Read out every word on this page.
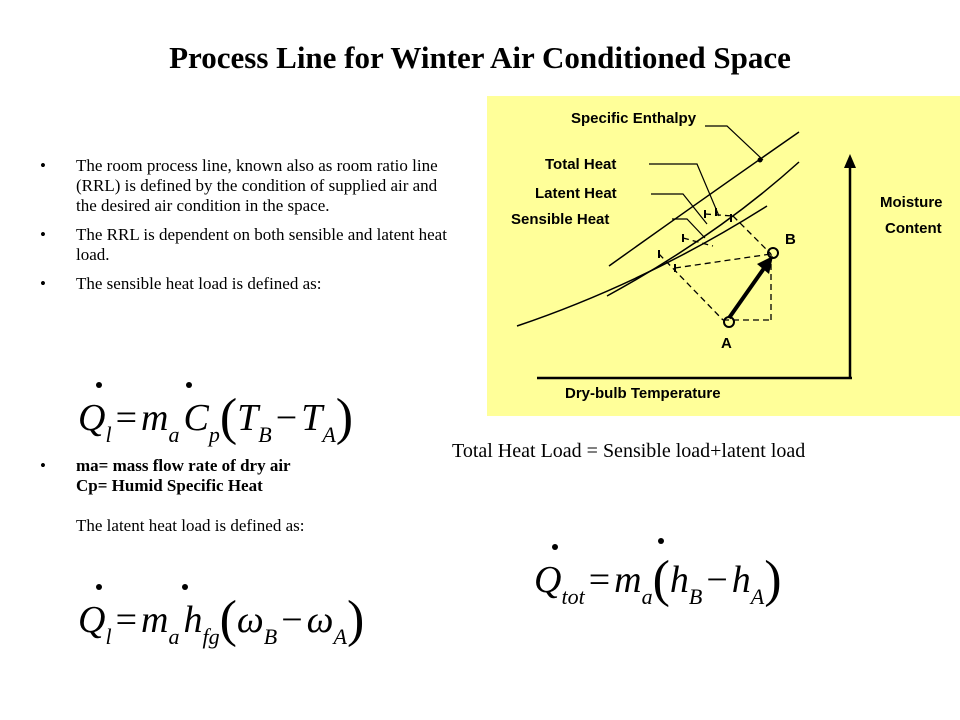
Process Line for Winter Air Conditioned Space
• The room process line, known also as room ratio line (RRL) is defined by the condition of supplied air and the desired air condition in the space.
• The RRL is dependent on both sensible and latent heat load.
• The sensible heat load is defined as:
Ql = ma Cp(TB − TA)
• ma= mass flow rate of dry air
Cp= Humid Specific Heat
The latent heat load is defined as:
Ql = ma hfg(ωB − ωA)
Specific Enthalpy
Total Heat
Latent Heat
Sensible Heat
Moisture
Content
Dry-bulb Temperature
A
B
Total Heat Load = Sensible load+latent load
Qtot = ma(hB − hA)
